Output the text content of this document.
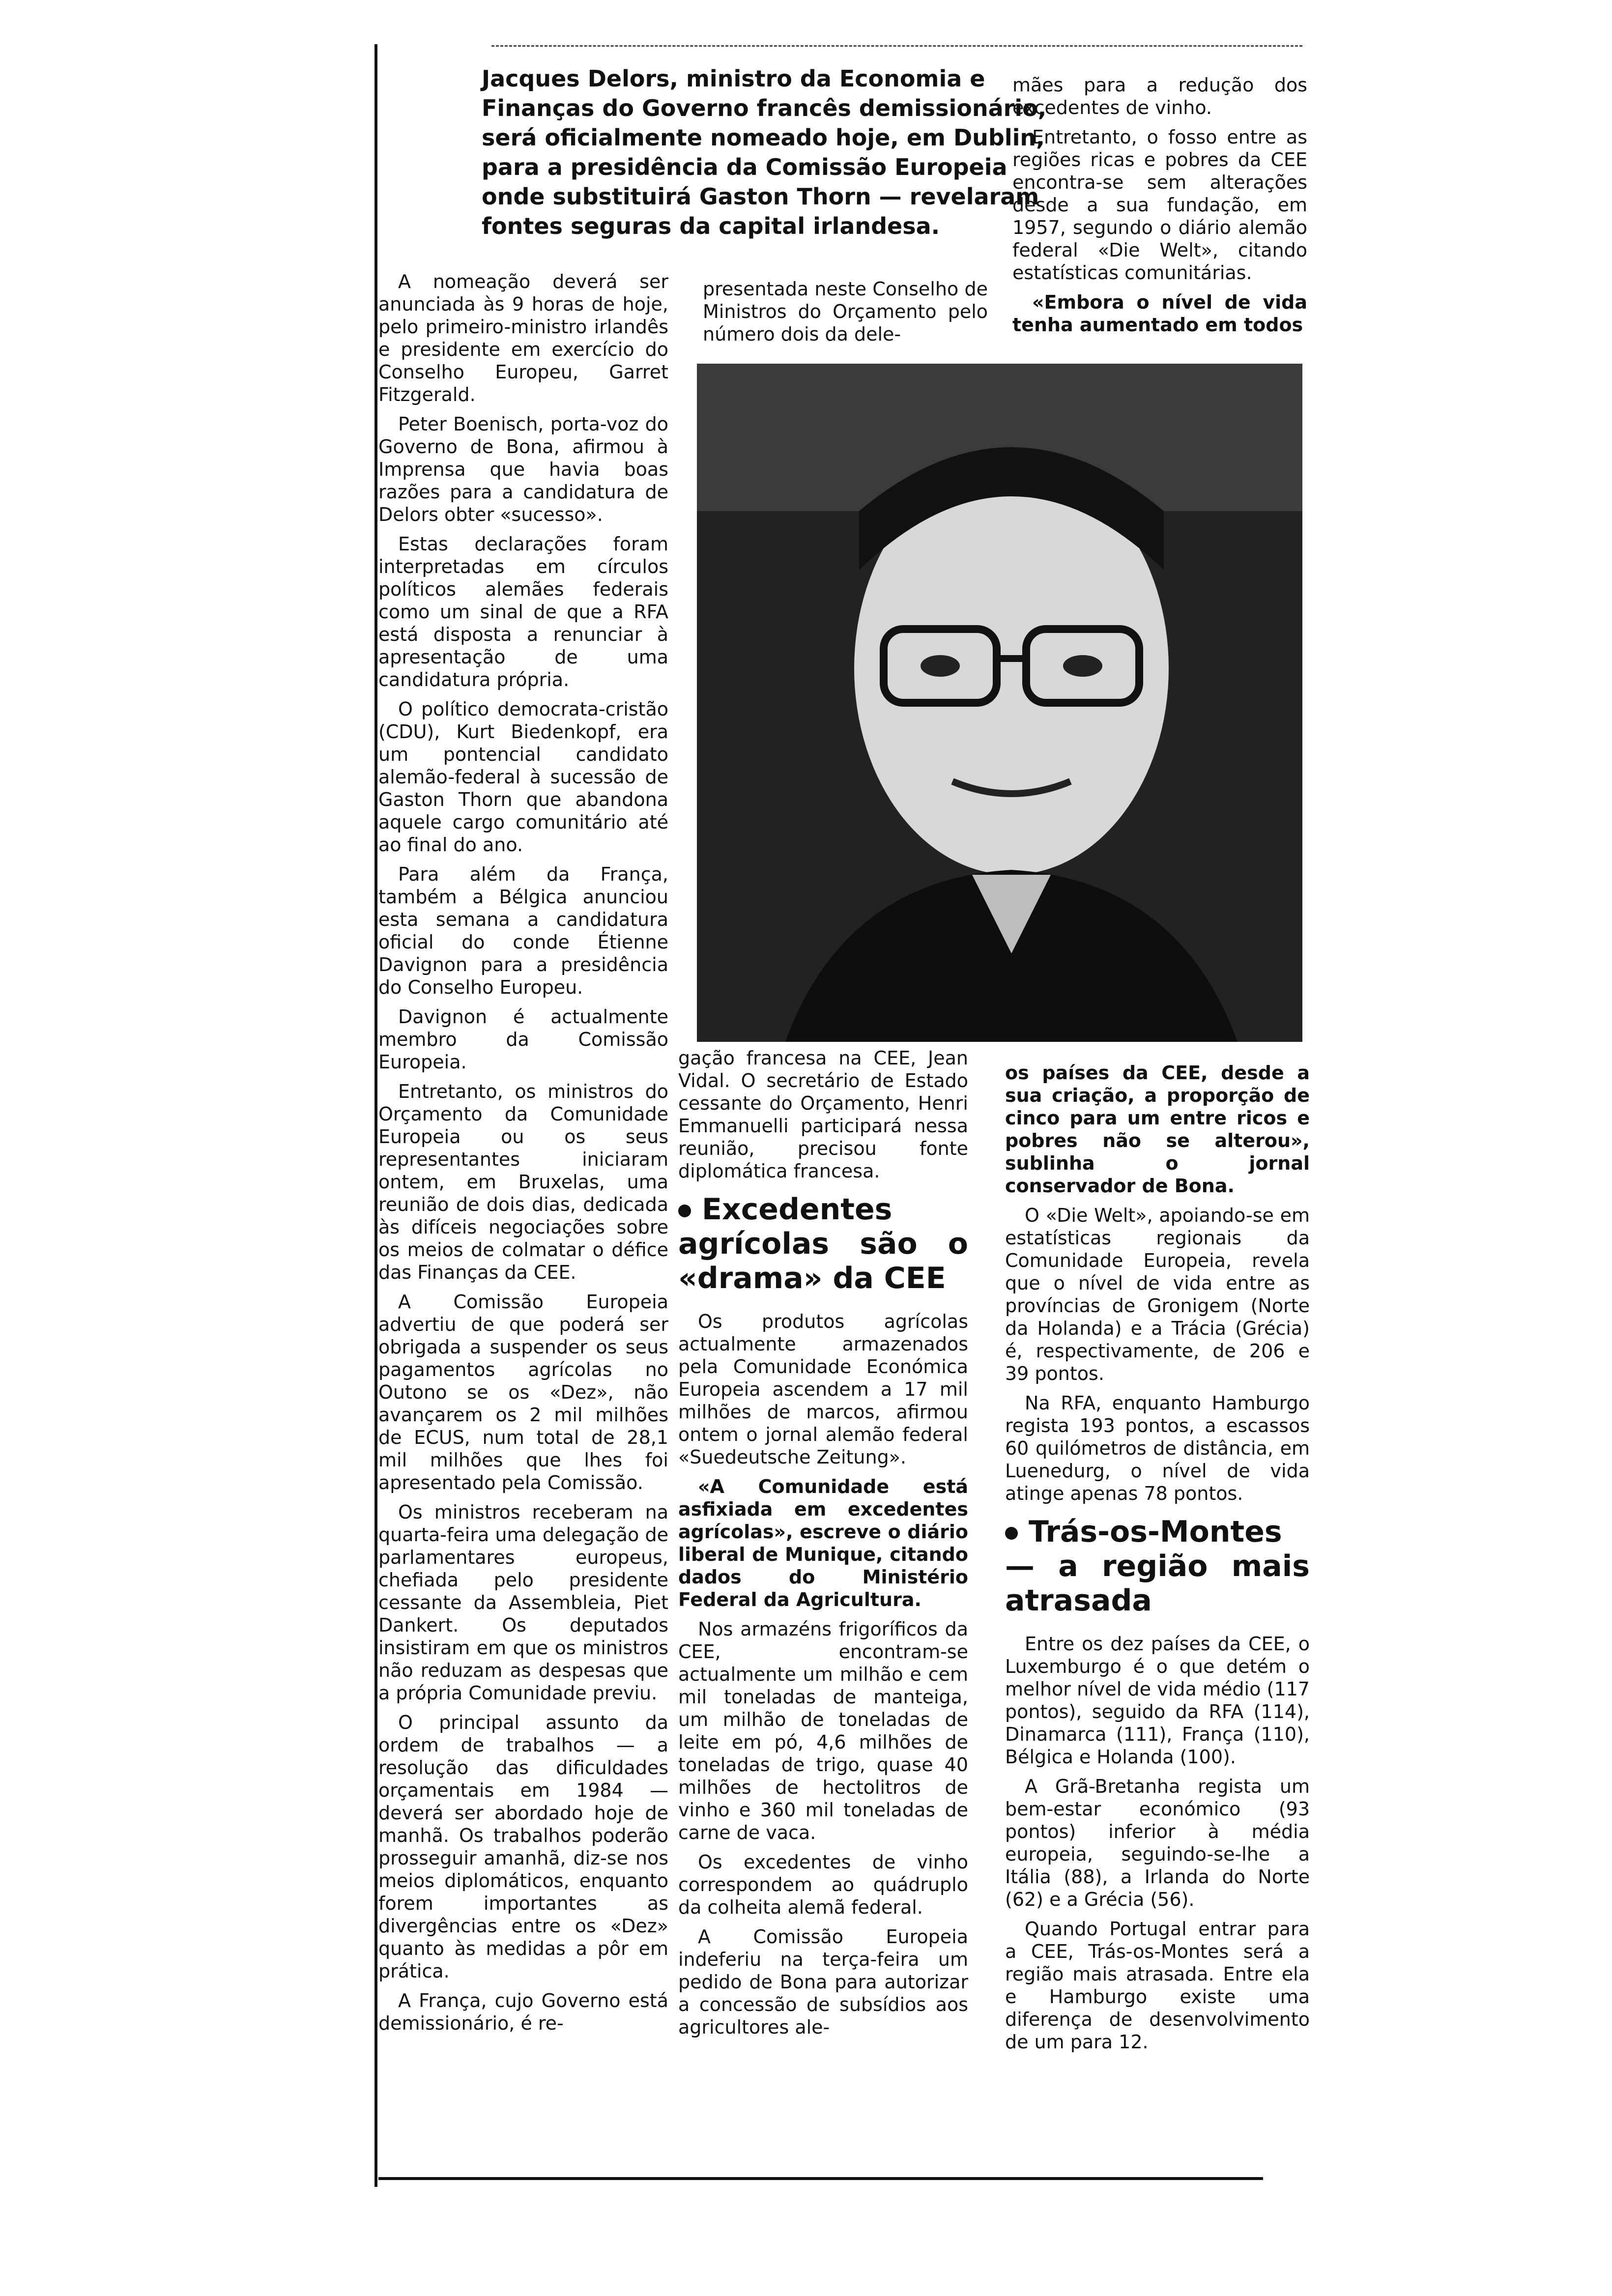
Jacques Delors, ministro da Economia e Finanças do Governo francês demissionário, será oficialmente nomeado hoje, em Dublin, para a presidência da Comissão Europeia onde substituirá Gaston Thorn — revelaram fontes seguras da capital irlandesa.

A nomeação deverá ser anunciada às 9 horas de hoje, pelo primeiro-ministro irlandês e presidente em exercício do Conselho Europeu, Garret Fitzgerald.

Peter Boenisch, porta-voz do Governo de Bona, afirmou à Imprensa que havia boas razões para a candidatura de Delors obter «sucesso».

Estas declarações foram interpretadas em círculos políticos alemães federais como um sinal de que a RFA está disposta a renunciar à apresentação de uma candidatura própria.

O político democrata-cristão (CDU), Kurt Biedenkopf, era um pontencial candidato alemão-federal à sucessão de Gaston Thorn que abandona aquele cargo comunitário até ao final do ano.

Para além da França, também a Bélgica anunciou esta semana a candidatura oficial do conde Étienne Davignon para a presidência do Conselho Europeu.

Davignon é actualmente membro da Comissão Europeia.

Entretanto, os ministros do Orçamento da Comunidade Europeia ou os seus representantes iniciaram ontem, em Bruxelas, uma reunião de dois dias, dedicada às difíceis negociações sobre os meios de colmatar o défice das Finanças da CEE.

A Comissão Europeia advertiu de que poderá ser obrigada a suspender os seus pagamentos agrícolas no Outono se os «Dez», não avançarem os 2 mil milhões de ECUS, num total de 28,1 mil milhões que lhes foi apresentado pela Comissão.

Os ministros receberam na quarta-feira uma delegação de parlamentares europeus, chefiada pelo presidente cessante da Assembleia, Piet Dankert. Os deputados insistiram em que os ministros não reduzam as despesas que a própria Comunidade previu.

O principal assunto da ordem de trabalhos — a resolução das dificuldades orçamentais em 1984 — deverá ser abordado hoje de manhã. Os trabalhos poderão prosseguir amanhã, diz-se nos meios diplomáticos, enquanto forem importantes as divergências entre os «Dez» quanto às medidas a pôr em prática.

A França, cujo Governo está demissionário, é re-

presentada neste Conselho de Ministros do Orçamento pelo número dois da dele-

mães para a redução dos excedentes de vinho.

Entretanto, o fosso entre as regiões ricas e pobres da CEE encontra-se sem alterações desde a sua fundação, em 1957, segundo o diário alemão federal «Die Welt», citando estatísticas comunitárias.

«Embora o nível de vida tenha aumentado em todos

gação francesa na CEE, Jean Vidal. O secretário de Estado cessante do Orçamento, Henri Emmanuelli participará nessa reunião, precisou fonte diplomática francesa.

Excedentes agrícolas são o «drama» da CEE

Os produtos agrícolas actualmente armazenados pela Comunidade Económica Europeia ascendem a 17 mil milhões de marcos, afirmou ontem o jornal alemão federal «Suedeutsche Zeitung».

«A Comunidade está asfixiada em excedentes agrícolas», escreve o diário liberal de Munique, citando dados do Ministério Federal da Agricultura.

Nos armazéns frigoríficos da CEE, encontram-se actualmente um milhão e cem mil toneladas de manteiga, um milhão de toneladas de leite em pó, 4,6 milhões de toneladas de trigo, quase 40 milhões de hectolitros de vinho e 360 mil toneladas de carne de vaca.

Os excedentes de vinho correspondem ao quádruplo da colheita alemã federal.

A Comissão Europeia indeferiu na terça-feira um pedido de Bona para autorizar a concessão de subsídios aos agricultores ale-

os países da CEE, desde a sua criação, a proporção de cinco para um entre ricos e pobres não se alterou», sublinha o jornal conservador de Bona.

O «Die Welt», apoiando-se em estatísticas regionais da Comunidade Europeia, revela que o nível de vida entre as províncias de Gronigem (Norte da Holanda) e a Trácia (Grécia) é, respectivamente, de 206 e 39 pontos.

Na RFA, enquanto Hamburgo regista 193 pontos, a escassos 60 quilómetros de distância, em Luenedurg, o nível de vida atinge apenas 78 pontos.

Trás-os-Montes — a região mais atrasada

Entre os dez países da CEE, o Luxemburgo é o que detém o melhor nível de vida médio (117 pontos), seguido da RFA (114), Dinamarca (111), França (110), Bélgica e Holanda (100).

A Grã-Bretanha regista um bem-estar económico (93 pontos) inferior à média europeia, seguindo-se-lhe a Itália (88), a Irlanda do Norte (62) e a Grécia (56).

Quando Portugal entrar para a CEE, Trás-os-Montes será a região mais atrasada. Entre ela e Hamburgo existe uma diferença de desenvolvimento de um para 12.
